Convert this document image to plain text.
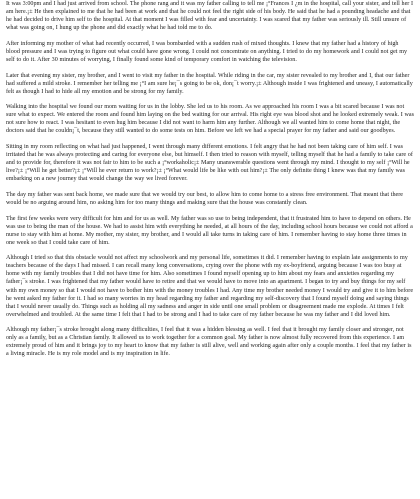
It was 3:00pm and I had just arrived from school. The phone rang and it was my father calling to tell me ¡°Frances I ¿m in the hospital, call your sister, and tell her I am here.¡± He then explained to me that he had been at work and that he could not feel the right side of his body. He said that he had a pounding headache and that he had decided to drive him self to the hospital. At that moment I was filled with fear and uncertainty. I was scared that my father was seriously ill. Still unsure of what was going on, I hung up the phone and did exactly what he had told me to do.

After informing my mother of what had recently occurred, I was bombarded with a sudden rush of mixed thoughts. I knew that my father had a history of high blood pressure and I was trying to figure out what could have gone wrong. I could not concentrate on anything. I tried to do my homework and I could not get my self to do it. After 30 minutes of worrying, I finally found some kind of temporary comfort in watching the television.

Later that evening my sister, my brother, and I went to visit my father in the hospital. While riding in the car, my sister revealed to my brother and I, that our father had suffered a mild stroke. I remember her telling me ¡°I am sure he¡¯s going to be ok, don¡¯t worry.¡± Although inside I was frightened and uneasy, I automatically felt as though I had to hide all my emotion and be strong for my family.

Walking into the hospital we found our mom waiting for us in the lobby. She led us to his room. As we approached his room I was a bit scared because I was not sure what to expect. We entered the room and found him laying on the bed waiting for our arrival. His right eye was blood shot and he looked extremely weak. I was not sure how to react. I was hesitant to even hug him because I did not want to harm him any further. Although we all wanted him to come home that night, the doctors said that he couldn¡¯t, because they still wanted to do some tests on him. Before we left we had a special prayer for my father and said our goodbyes.

Sitting in my room reflecting on what had just happened, I went through many different emotions. I felt angry that he had not been taking care of him self. I was irritated that he was always protecting and caring for everyone else, but himself. I then tried to reason with myself, telling myself that he had a family to take care of and to provide for, therefore it was not fair to him to be such a ¡°workaholic¡± Many unanswerable questions went through my mind. I thought to my self ¡°Will he live?¡± ¡°Will he get better?¡± ¡°Will he ever return to work?¡± ¡°What would life be like with out him?¡± The only definite thing I knew was that my family was embarking on a new journey that would change the way we lived forever.

The day my father was sent back home, we made sure that we would try our best, to allow him to come home to a stress free environment. That meant that there would be no arguing around him, no asking him for too many things and making sure that the house was constantly clean.

The first few weeks were very difficult for him and for us as well. My father was so use to being independent, that it frustrated him to have to depend on others. He was use to being the man of the house. We had to assist him with everything he needed, at all hours of the day, including school hours because we could not afford a nurse to stay with him at home. My mother, my sister, my brother, and I would all take turns in taking care of him. I remember having to stay home three times in one week so that I could take care of him.

Although I tried so that this obstacle would not affect my schoolwork and my personal life, sometimes it did. I remember having to explain late assignments to my teachers because of the days I had missed. I can recall many long conversations, crying over the phone with my ex-boyfriend, arguing because I was too busy at home with my family troubles that I did not have time for him. Also sometimes I found myself opening up to him about my fears and anxieties regarding my father¡¯s stroke. I was frightened that my father would have to retire and that we would have to move into an apartment. I began to try and buy things for my self with my own money so that I would not have to bother him with the money troubles I had. Any time my brother needed money I would try and give it to him before he went asked my father for it. I had so many worries in my head regarding my father and regarding my self-discovery that I found myself doing and saying things that I would never usually do. Things such as holding all my sadness and anger in side until one small problem or disagreement made me explode. At times I felt overwhelmed and troubled. At the same time I felt that I had to be strong and I had to take care of my father because he was my father and I did loved him.

Although my father¡¯s stroke brought along many difficulties, I feel that it was a hidden blessing as well. I feel that it brought my family closer and stronger, not only as a family, but as a Christian family. It allowed us to work together for a common goal. My father is now almost fully recovered from this experience. I am extremely proud of him and it brings joy to my heart to know that my father is still alive, well and working again after only a couple months. I feel that my father is a living miracle. He is my role model and is my inspiration in life.
